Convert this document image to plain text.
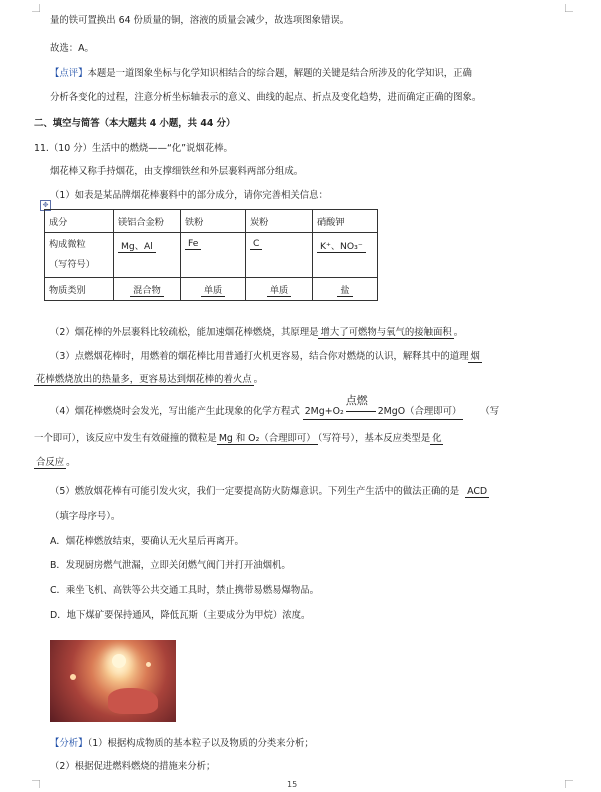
量的铁可置换出 64 份质量的铜，溶液的质量会减少，故选项图象错误。
故选：A。
【点评】本题是一道图象坐标与化学知识相结合的综合题，解题的关键是结合所涉及的化学知识，正确
分析各变化的过程，注意分析坐标轴表示的意义、曲线的起点、折点及变化趋势，进而确定正确的图象。
二、填空与简答（本大题共 4 小题，共 44 分）
11.（10 分）生活中的燃烧——“化”说烟花棒。
烟花棒又称手持烟花，由支撑细铁丝和外层裹料两部分组成。
✥
（1）如表是某品牌烟花棒裹料中的部分成分，请你完善相关信息：
成分	镁铝合金粉	铁粉	炭粉	硝酸钾
构成微粒
（写符号）	Mg、Al	Fe	C	K⁺、NO₃⁻
物质类别	混合物	单质	单质	盐
（2）烟花棒的外层裹料比较疏松，能加速烟花棒燃烧，其原理是 增大了可燃物与氧气的接触面积 。
（3）点燃烟花棒时，用燃着的烟花棒比用普通打火机更容易，结合你对燃烧的认识，解释其中的道理 烟
花棒燃烧放出的热量多，更容易达到烟花棒的着火点 。
（4）烟花棒燃烧时会发光，写出能产生此现象的化学方程式 2Mg+O₂
点燃
2MgO（合理即可） （写
一个即可），该反应中发生有效碰撞的微粒是 Mg 和 O₂（合理即可） （写符号），基本反应类型是 化
合反应 。
（5）燃放烟花棒有可能引发火灾，我们一定要提高防火防爆意识。下列生产生活中的做法正确的是 ACD
（填字母序号）。
A．烟花棒燃放结束，要确认无火星后再离开。
B．发现厨房燃气泄漏，立即关闭燃气阀门并打开油烟机。
C．乘坐飞机、高铁等公共交通工具时，禁止携带易燃易爆物品。
D．地下煤矿要保持通风，降低瓦斯（主要成分为甲烷）浓度。
【分析】（1）根据构成物质的基本粒子以及物质的分类来分析；
（2）根据促进燃料燃烧的措施来分析；
15
